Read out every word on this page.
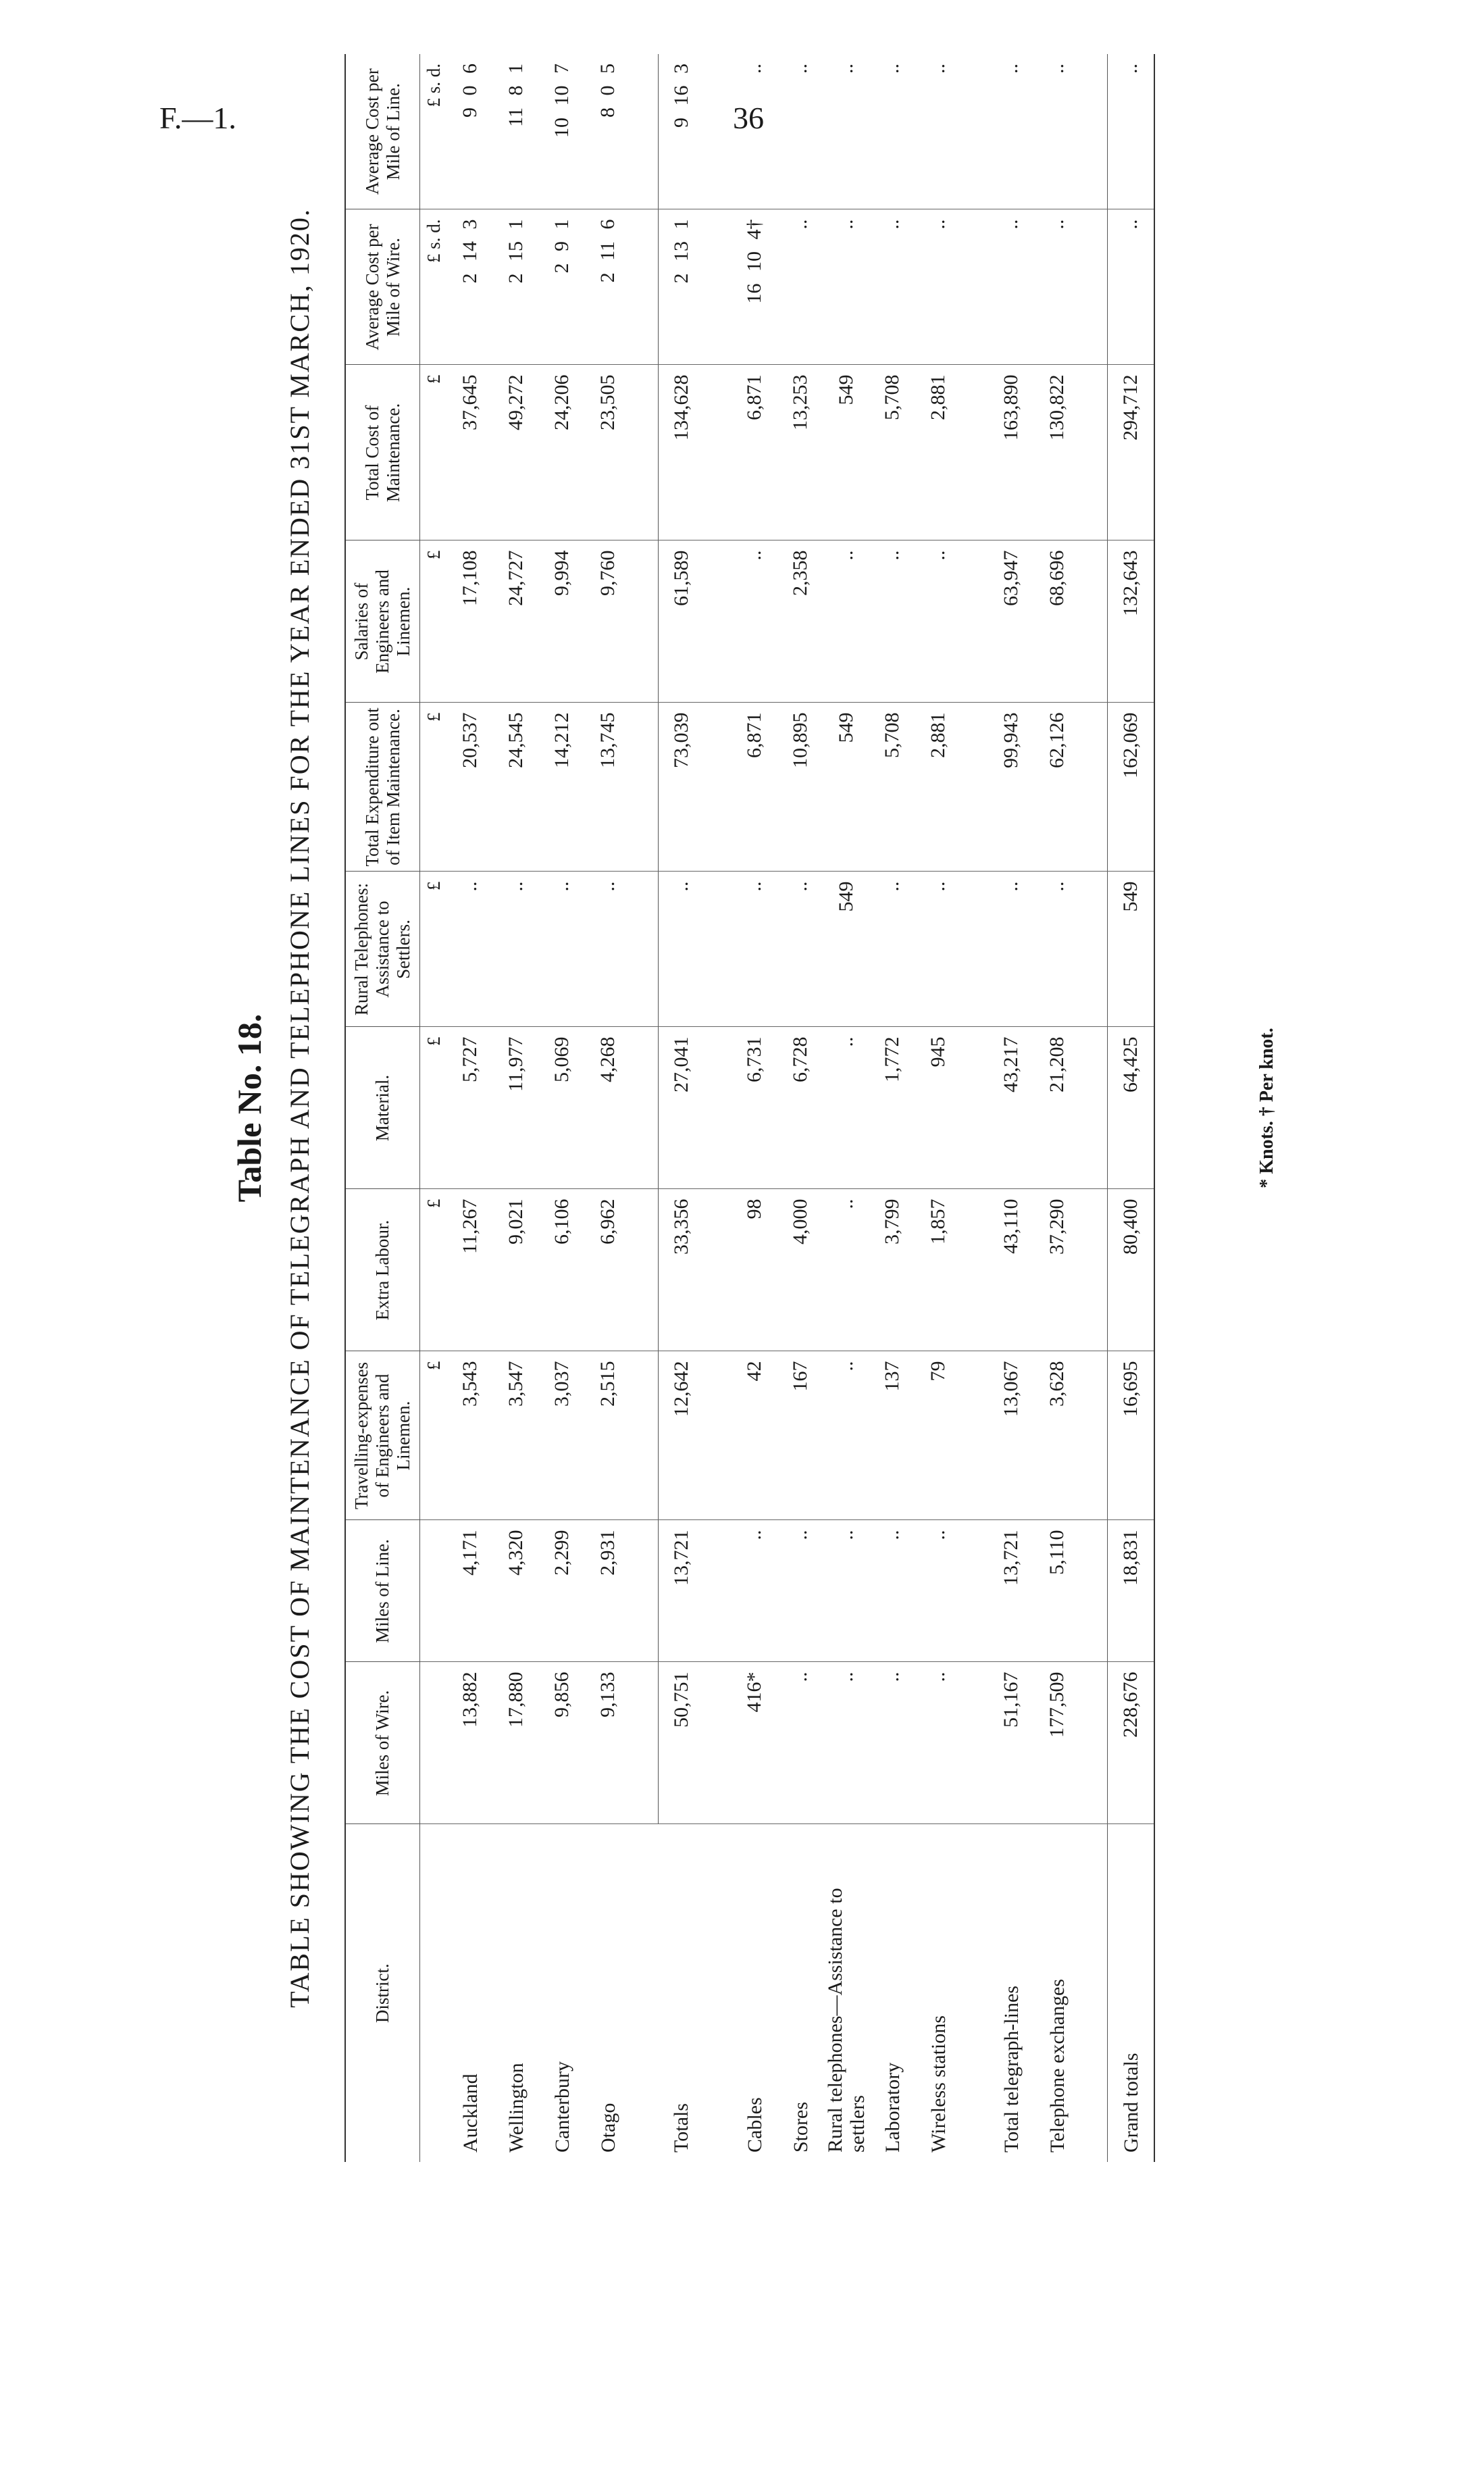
F.—1.	36
Table No. 18. TABLE SHOWING THE COST OF MAINTENANCE OF TELEGRAPH AND TELEPHONE LINES FOR THE YEAR ENDED 31ST MARCH, 1920.	District.	Miles of Wire.	Miles of Line.	Travelling-expenses of Engineers and Linemen.	Extra Labour.	Material.	Rural Telephones: Assistance to Settlers.	Total Expenditure out of Item Maintenance.	Salaries of Engineers and Linemen.	Total Cost of Maintenance.	Average Cost per Mile of Wire.	Average Cost per Mile of Line.
			£	£	£	£	£	£	£	£ s. d.	£ s. d.
Auckland	13,882	4,171	3,543	11,267	5,727	..	20,537	17,108	37,645	2 14 3	9 0 6
Wellington	17,880	4,320	3,547	9,021	11,977	..	24,545	24,727	49,272	2 15 1	11 8 1
Canterbury	9,856	2,299	3,037	6,106	5,069	..	14,212	9,994	24,206	2 9 1	10 10 7
Otago	9,133	2,931	2,515	6,962	4,268	..	13,745	9,760	23,505	2 11 6	8 0 5

Totals	50,751	13,721	12,642	33,356	27,041	..	73,039	61,589	134,628	2 13 1	9 16 3

Cables	416*	..	42	98	6,731	..	6,871	..	6,871	16 10 4†	..
Stores	..	..	167	4,000	6,728	..	10,895	2,358	13,253	..	..
Rural telephones—Assistance to settlers	..	..	..	..	..	549	549	..	549	..	..
Laboratory	..	..	137	3,799	1,772	..	5,708	..	5,708	..	..
Wireless stations	..	..	79	1,857	945	..	2,881	..	2,881	..	..

Total telegraph-lines	51,167	13,721	13,067	43,110	43,217	..	99,943	63,947	163,890	..	..
Telephone exchanges	177,509	5,110	3,628	37,290	21,208	..	62,126	68,696	130,822	..	..

Grand totals	228,676	18,831	16,695	80,400	64,425	549	162,069	132,643	294,712	..	..
* Knots. † Per knot.
